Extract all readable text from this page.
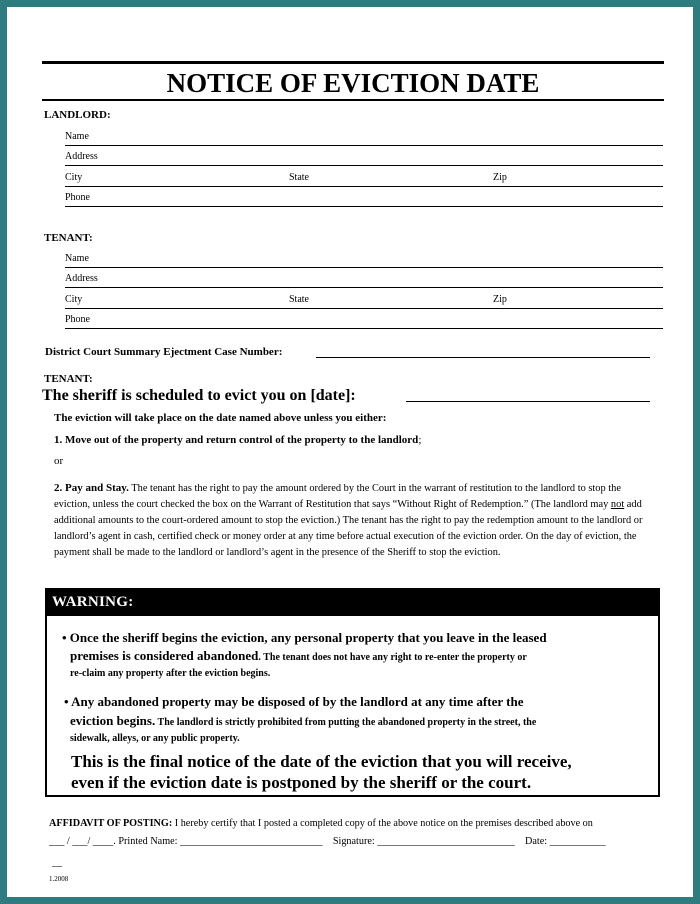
NOTICE OF EVICTION DATE
LANDLORD:
Name
Address
City	State	Zip
Phone
TENANT:
Name
Address
City	State	Zip
Phone
District Court Summary Ejectment Case Number:
TENANT:
The sheriff is scheduled to evict you on [date]:
The eviction will take place on the date named above unless you either:
1. Move out of the property and return control of the property to the landlord;
or
2. Pay and Stay. The tenant has the right to pay the amount ordered by the Court in the warrant of restitution to the landlord to stop the eviction, unless the court checked the box on the Warrant of Restitution that says “Without Right of Redemption.” (The landlord may not add additional amounts to the court-ordered amount to stop the eviction.) The tenant has the right to pay the redemption amount to the landlord or landlord’s agent in cash, certified check or money order at any time before actual execution of the eviction order. On the day of eviction, the payment shall be made to the landlord or landlord’s agent in the presence of the Sheriff to stop the eviction.
WARNING:
• Once the sheriff begins the eviction, any personal property that you leave in the leased
premises is considered abandoned. The tenant does not have any right to re-enter the property or
re-claim any property after the eviction begins.
• Any abandoned property may be disposed of by the landlord at any time after the
eviction begins. The landlord is strictly prohibited from putting the abandoned property in the street, the
sidewalk, alleys, or any public property.
This is the final notice of the date of the eviction that you will receive,
even if the eviction date is postponed by the sheriff or the court.
AFFIDAVIT OF POSTING: I hereby certify that I posted a completed copy of the above notice on the premises described above on
___ / ___/ ____. Printed Name: ____________________________ Signature: ___________________________ Date: ___________
__
1.2008
